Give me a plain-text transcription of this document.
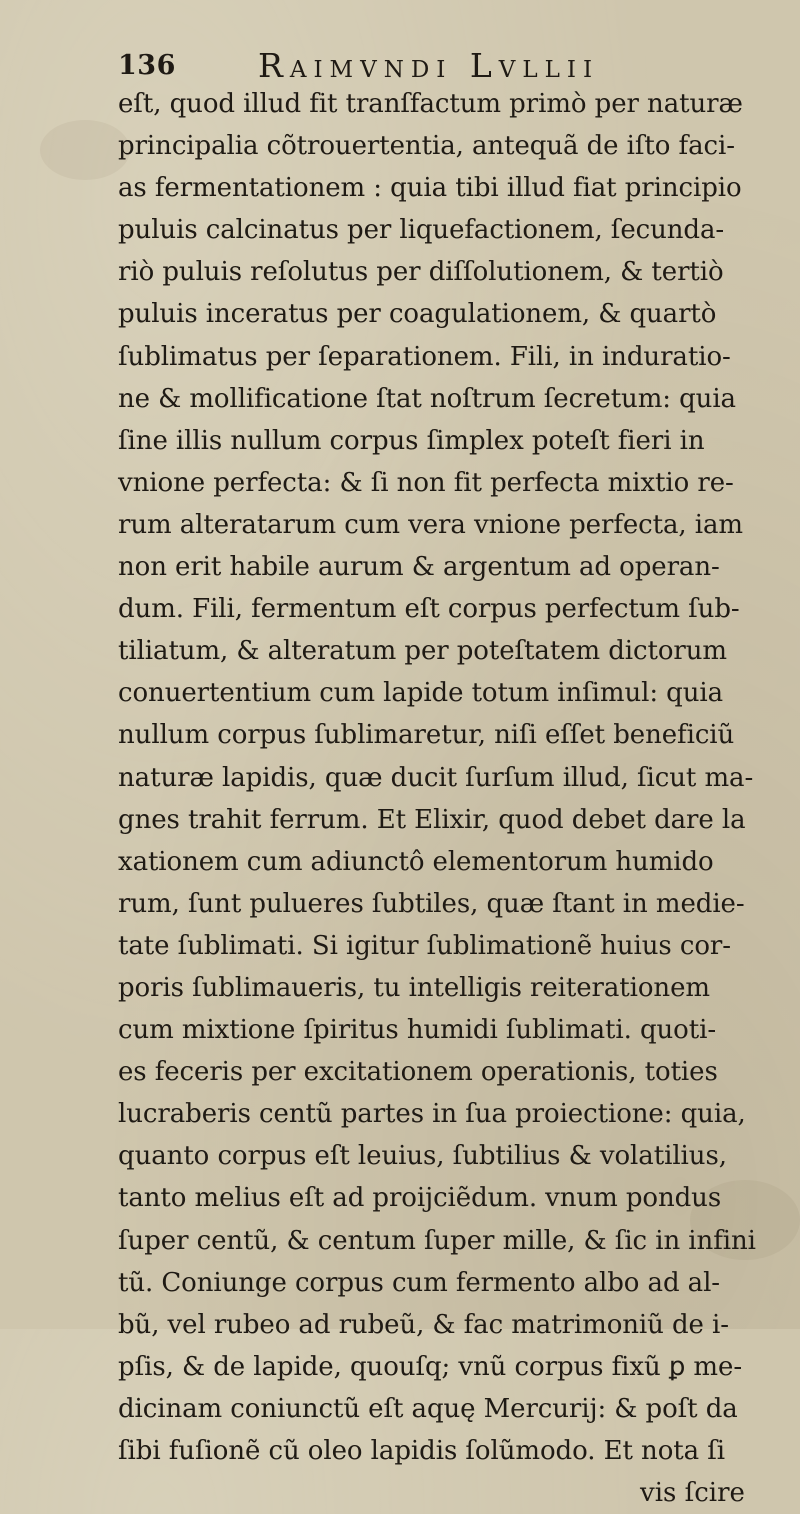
136 Raimvndi Lvllii
eſt, quod illud fit tranſfactum primò per naturæ
principalia cõtrouertentia, antequã de iſto faci-
as fermentationem : quia tibi illud fiat principio
puluis calcinatus per liquefactionem, ſecunda-
riò puluis reſolutus per diſſolutionem, & tertiò
puluis inceratus per coagulationem, & quartò
ſublimatus per ſeparationem. Fili, in induratio-
ne & mollificatione ſtat noſtrum ſecretum: quia
ſine illis nullum corpus ſimplex poteſt fieri in
vnione perfecta: & ſi non fit perfecta mixtio re-
rum alteratarum cum vera vnione perfecta, iam
non erit habile aurum & argentum ad operan-
dum. Fili, fermentum eſt corpus perfectum ſub-
tiliatum, & alteratum per poteſtatem dictorum
conuertentium cum lapide totum inſimul: quia
nullum corpus ſublimaretur, niſi eſſet beneficiũ
naturæ lapidis, quæ ducit ſurſum illud, ſicut ma-
gnes trahit ferrum. Et Elixir, quod debet dare la
xationem cum adiunctô elementorum humido
rum, ſunt pulueres ſubtiles, quæ ſtant in medie-
tate ſublimati. Si igitur ſublimationẽ huius cor-
poris ſublimaueris, tu intelligis reiterationem
cum mixtione ſpiritus humidi ſublimati. quoti-
es feceris per excitationem operationis, toties
lucraberis centũ partes in ſua proiectione: quia,
quanto corpus eſt leuius, ſubtilius & volatilius,
tanto melius eſt ad proijciẽdum. vnum pondus
ſuper centũ, & centum ſuper mille, & ſic in infini
tũ. Coniunge corpus cum fermento albo ad al-
bũ, vel rubeo ad rubeũ, & fac matrimoniũ de i-
pſis, & de lapide, quouſq; vnũ corpus fixũ ꝑ me-
dicinam coniunctũ eſt aquę Mercurij: & poſt da
ſibi fuſionẽ cũ oleo lapidis ſolũmodo. Et nota ſi
vis ſcire
